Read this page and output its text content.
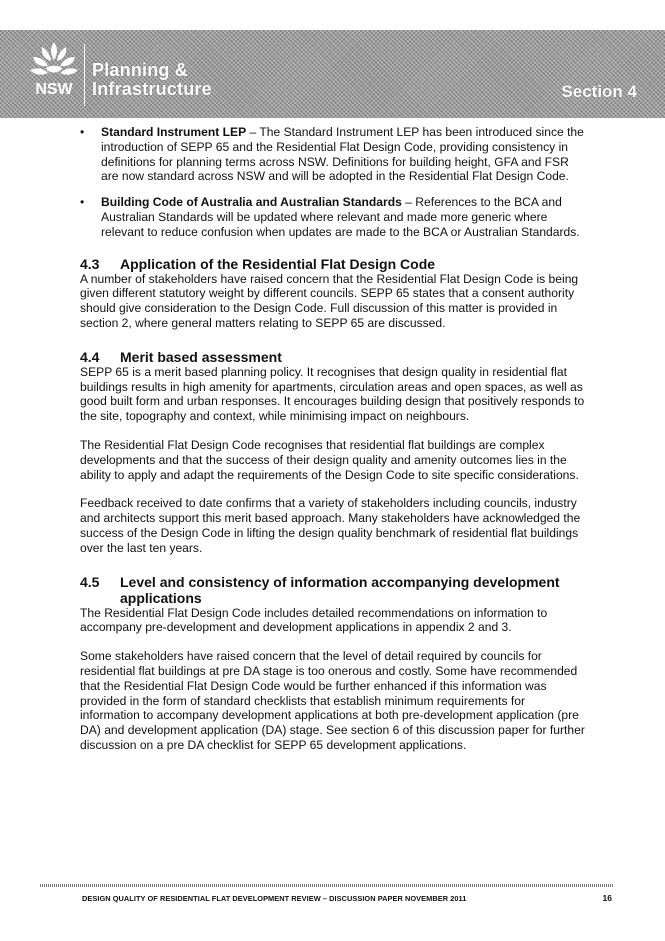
NSW
Planning &
Infrastructure	Section 4
• Standard Instrument LEP – The Standard Instrument LEP has been introduced since the introduction of SEPP 65 and the Residential Flat Design Code, providing consistency in definitions for planning terms across NSW. Definitions for building height, GFA and FSR are now standard across NSW and will be adopted in the Residential Flat Design Code.
• Building Code of Australia and Australian Standards – References to the BCA and Australian Standards will be updated where relevant and made more generic where relevant to reduce confusion when updates are made to the BCA or Australian Standards.
4.3	Application of the Residential Flat Design Code

A number of stakeholders have raised concern that the Residential Flat Design Code is being given different statutory weight by different councils. SEPP 65 states that a consent authority should give consideration to the Design Code. Full discussion of this matter is provided in section 2, where general matters relating to SEPP 65 are discussed.

4.4	Merit based assessment

SEPP 65 is a merit based planning policy. It recognises that design quality in residential flat buildings results in high amenity for apartments, circulation areas and open spaces, as well as good built form and urban responses. It encourages building design that positively responds to the site, topography and context, while minimising impact on neighbours.

The Residential Flat Design Code recognises that residential flat buildings are complex developments and that the success of their design quality and amenity outcomes lies in the ability to apply and adapt the requirements of the Design Code to site specific considerations.

Feedback received to date confirms that a variety of stakeholders including councils, industry and architects support this merit based approach. Many stakeholders have acknowledged the success of the Design Code in lifting the design quality benchmark of residential flat buildings over the last ten years.

4.5	Level and consistency of information accompanying development applications

The Residential Flat Design Code includes detailed recommendations on information to accompany pre-development and development applications in appendix 2 and 3.

Some stakeholders have raised concern that the level of detail required by councils for residential flat buildings at pre DA stage is too onerous and costly. Some have recommended that the Residential Flat Design Code would be further enhanced if this information was provided in the form of standard checklists that establish minimum requirements for information to accompany development applications at both pre-development application (pre DA) and development application (DA) stage. See section 6 of this discussion paper for further discussion on a pre DA checklist for SEPP 65 development applications.

DESIGN QUALITY OF RESIDENTIAL FLAT DEVELOPMENT REVIEW – DISCUSSION PAPER NOVEMBER 2011	16
